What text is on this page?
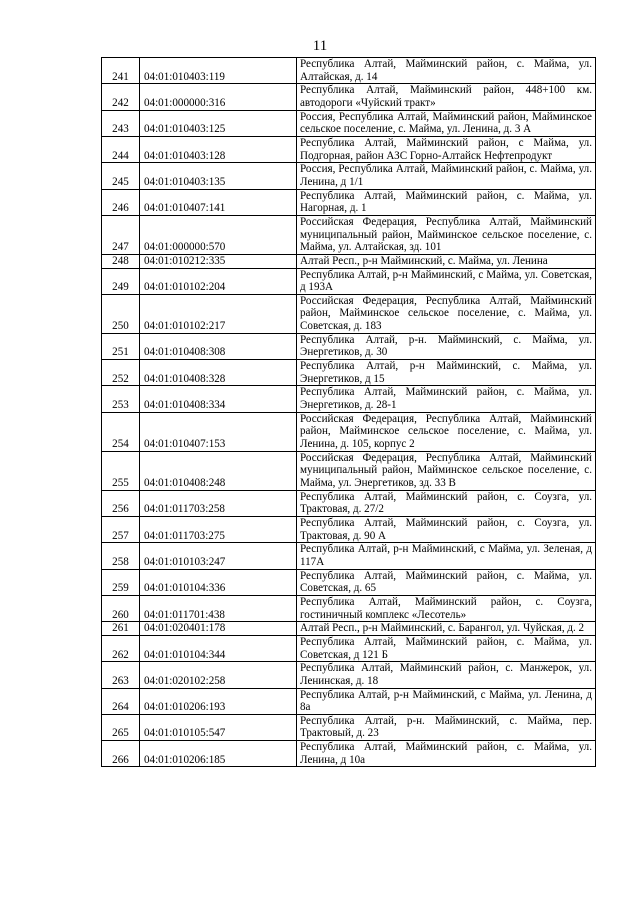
11
241	04:01:010403:119	Республика Алтай, Майминский район, с. Майма, ул. Алтайская, д. 14
242	04:01:000000:316	Республика Алтай, Майминский район, 448+100 км. автодороги «Чуйский тракт»
243	04:01:010403:125	Россия, Республика Алтай, Майминский район, Майминское сельское поселение, с. Майма, ул. Ленина, д. 3 А
244	04:01:010403:128	Республика Алтай, Майминский район, с Майма, ул. Подгорная, район АЗС Горно-Алтайск Нефтепродукт
245	04:01:010403:135	Россия, Республика Алтай, Майминский район, с. Майма, ул. Ленина, д 1/1
246	04:01:010407:141	Республика Алтай, Майминский район, с. Майма, ул. Нагорная, д. 1
247	04:01:000000:570	Российская Федерация, Республика Алтай, Майминский муниципальный район, Майминское сельское поселение, с. Майма, ул. Алтайская, зд. 101
248	04:01:010212:335	Алтай Респ., р-н Майминский, с. Майма, ул. Ленина
249	04:01:010102:204	Республика Алтай, р-н Майминский, с Майма, ул. Советская, д 193А
250	04:01:010102:217	Российская Федерация, Республика Алтай, Майминский район, Майминское сельское поселение, с. Майма, ул. Советская, д. 183
251	04:01:010408:308	Республика Алтай, р-н. Майминский, с. Майма, ул. Энергетиков, д. 30
252	04:01:010408:328	Республика Алтай, р-н Майминский, с. Майма, ул. Энергетиков, д 15
253	04:01:010408:334	Республика Алтай, Майминский район, с. Майма, ул. Энергетиков, д. 28-1
254	04:01:010407:153	Российская Федерация, Республика Алтай, Майминский район, Майминское сельское поселение, с. Майма, ул. Ленина, д. 105, корпус 2
255	04:01:010408:248	Российская Федерация, Республика Алтай, Майминский муниципальный район, Майминское сельское поселение, с. Майма, ул. Энергетиков, зд. 33 В
256	04:01:011703:258	Республика Алтай, Майминский район, с. Соузга, ул. Трактовая, д. 27/2
257	04:01:011703:275	Республика Алтай, Майминский район, с. Соузга, ул. Трактовая, д. 90 А
258	04:01:010103:247	Республика Алтай, р-н Майминский, с Майма, ул. Зеленая, д 117А
259	04:01:010104:336	Республика Алтай, Майминский район, с. Майма, ул. Советская, д. 65
260	04:01:011701:438	Республика Алтай, Майминский район, с. Соузга, гостиничный комплекс «Лесотель»
261	04:01:020401:178	Алтай Респ., р-н Майминский, с. Барангол, ул. Чуйская, д. 2
262	04:01:010104:344	Республика Алтай, Майминский район, с. Майма, ул. Советская, д 121 Б
263	04:01:020102:258	Республика Алтай, Майминский район, с. Манжерок, ул. Ленинская, д. 18
264	04:01:010206:193	Республика Алтай, р-н Майминский, с Майма, ул. Ленина, д 8а
265	04:01:010105:547	Республика Алтай, р-н. Майминский, с. Майма, пер. Трактовый, д. 23
266	04:01:010206:185	Республика Алтай, Майминский район, с. Майма, ул. Ленина, д 10а
